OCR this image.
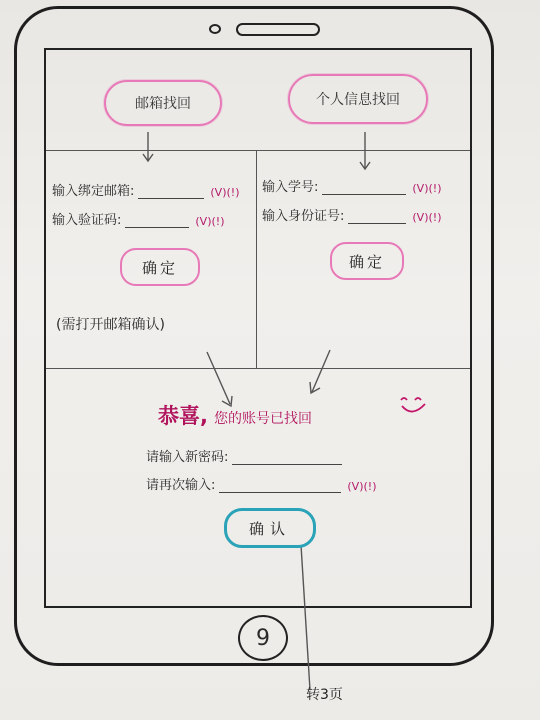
邮箱找回
输入绑定邮箱:	(V)(!)
输入验证码:	(V)(!)
确定
(需打开邮箱确认)
个人信息找回
输入学号:	(V)(!)
输入身份证号:	(V)(!)
确定
恭喜, 您的账号已找回
请输入新密码:
请再次输入:	(V)(!)
确认
9
转3页
